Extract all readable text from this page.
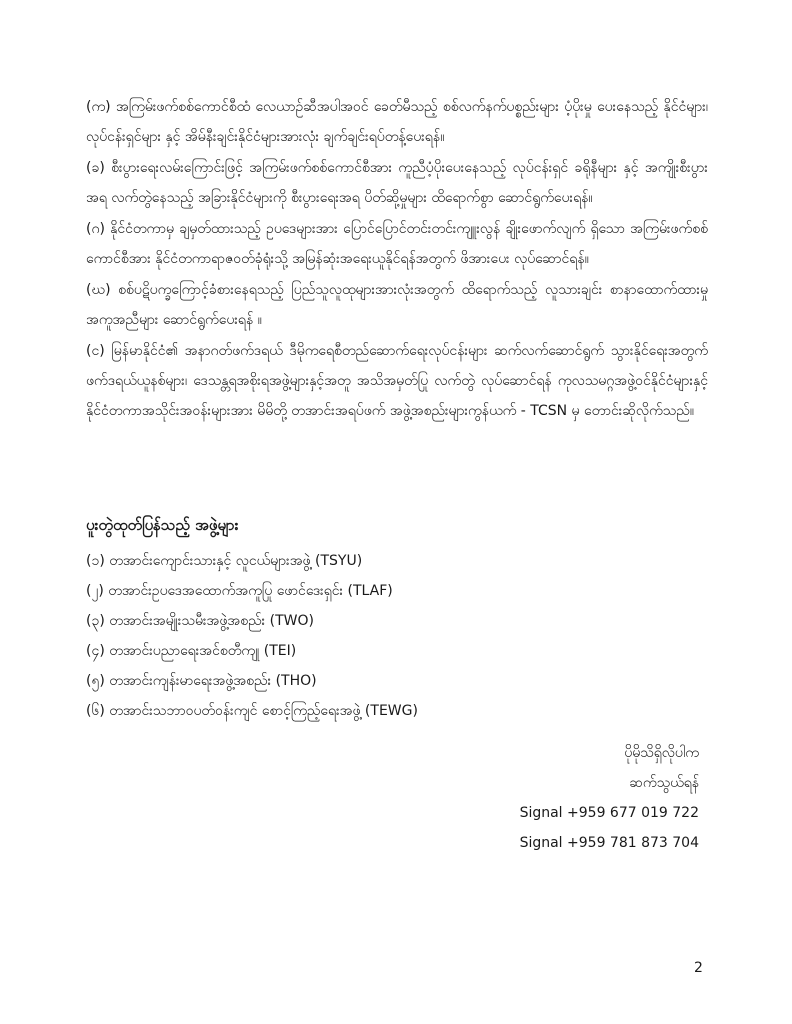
(က) အကြမ်းဖက်စစ်ကောင်စီထံ လေယာဉ်ဆီအပါအဝင် ခေတ်မီသည့် စစ်လက်နက်ပစ္စည်းများ ပံ့ပိုးမှု ပေးနေသည့် နိုင်ငံများ၊ လုပ်ငန်းရှင်များ နှင့် အိမ်နီးချင်းနိုင်ငံများအားလုံး ချက်ချင်းရပ်တန့်ပေးရန်။

(ခ) စီးပွားရေးလမ်းကြောင်းဖြင့် အကြမ်းဖက်စစ်ကောင်စီအား ကူညီပံ့ပိုးပေးနေသည့် လုပ်ငန်းရှင် ခရိုနီများ နှင့် အကျိုးစီးပွားအရ လက်တွဲနေသည့် အခြားနိုင်ငံများကို စီးပွားရေးအရ ပိတ်ဆို့မှုများ ထိရောက်စွာ ဆောင်ရွက်ပေးရန်။

(ဂ) နိုင်ငံတကာမှ ချမှတ်ထားသည့် ဥပဒေများအား ပြောင်ပြောင်တင်းတင်းကျူးလွန် ချိုးဖောက်လျက် ရှိသော အကြမ်းဖက်စစ်ကောင်စီအား နိုင်ငံတကာရာဇဝတ်ခုံရုံးသို့ အမြန်ဆုံးအရေးယူနိုင်ရန်အတွက် ဖိအားပေး လုပ်ဆောင်ရန်။

(ဃ) စစ်ပဋိပက္ခကြောင့်ခံစားနေရသည့် ပြည်သူလူထုများအားလုံးအတွက် ထိရောက်သည့် လူသားချင်း စာနာထောက်ထားမှုအကူအညီများ ဆောင်ရွက်ပေးရန် ။

(င) မြန်မာနိုင်ငံ၏ အနာဂတ်ဖက်ဒရယ် ဒီမိုကရေစီတည်ဆောက်ရေးလုပ်ငန်းများ ဆက်လက်ဆောင်ရွက် သွားနိုင်ရေးအတွက် ဖက်ဒရယ်ယူနစ်များ၊ ဒေသန္တရအစိုးရအဖွဲ့များနှင့်အတူ အသိအမှတ်ပြု လက်တွဲ လုပ်ဆောင်ရန် ကုလသမဂ္ဂအဖွဲ့ဝင်နိုင်ငံများနှင့် နိုင်ငံတကာအသိုင်းအဝန်းများအား မိမိတို့ တအာင်းအရပ်ဖက် အဖွဲ့အစည်းများကွန်ယက် - TCSN မှ တောင်းဆိုလိုက်သည်။

ပူးတွဲထုတ်ပြန်သည့် အဖွဲ့များ
(၁) တအာင်းကျောင်းသားနှင့် လူငယ်များအဖွဲ့ (TSYU)
(၂) တအာင်းဥပဒေအထောက်အကူပြု ဖောင်ဒေးရှင်း (TLAF)
(၃) တအာင်းအမျိုးသမီးအဖွဲ့အစည်း (TWO)
(၄) တအာင်းပညာရေးအင်စတီကျု (TEI)
(၅) တအာင်းကျန်းမာရေးအဖွဲ့အစည်း (THO)
(၆) တအာင်းသဘာဝပတ်ဝန်းကျင် စောင့်ကြည့်ရေးအဖွဲ့ (TEWG)
ပိုမိုသိရှိလိုပါက
ဆက်သွယ်ရန်
Signal +959 677 019 722
Signal +959 781 873 704
2
